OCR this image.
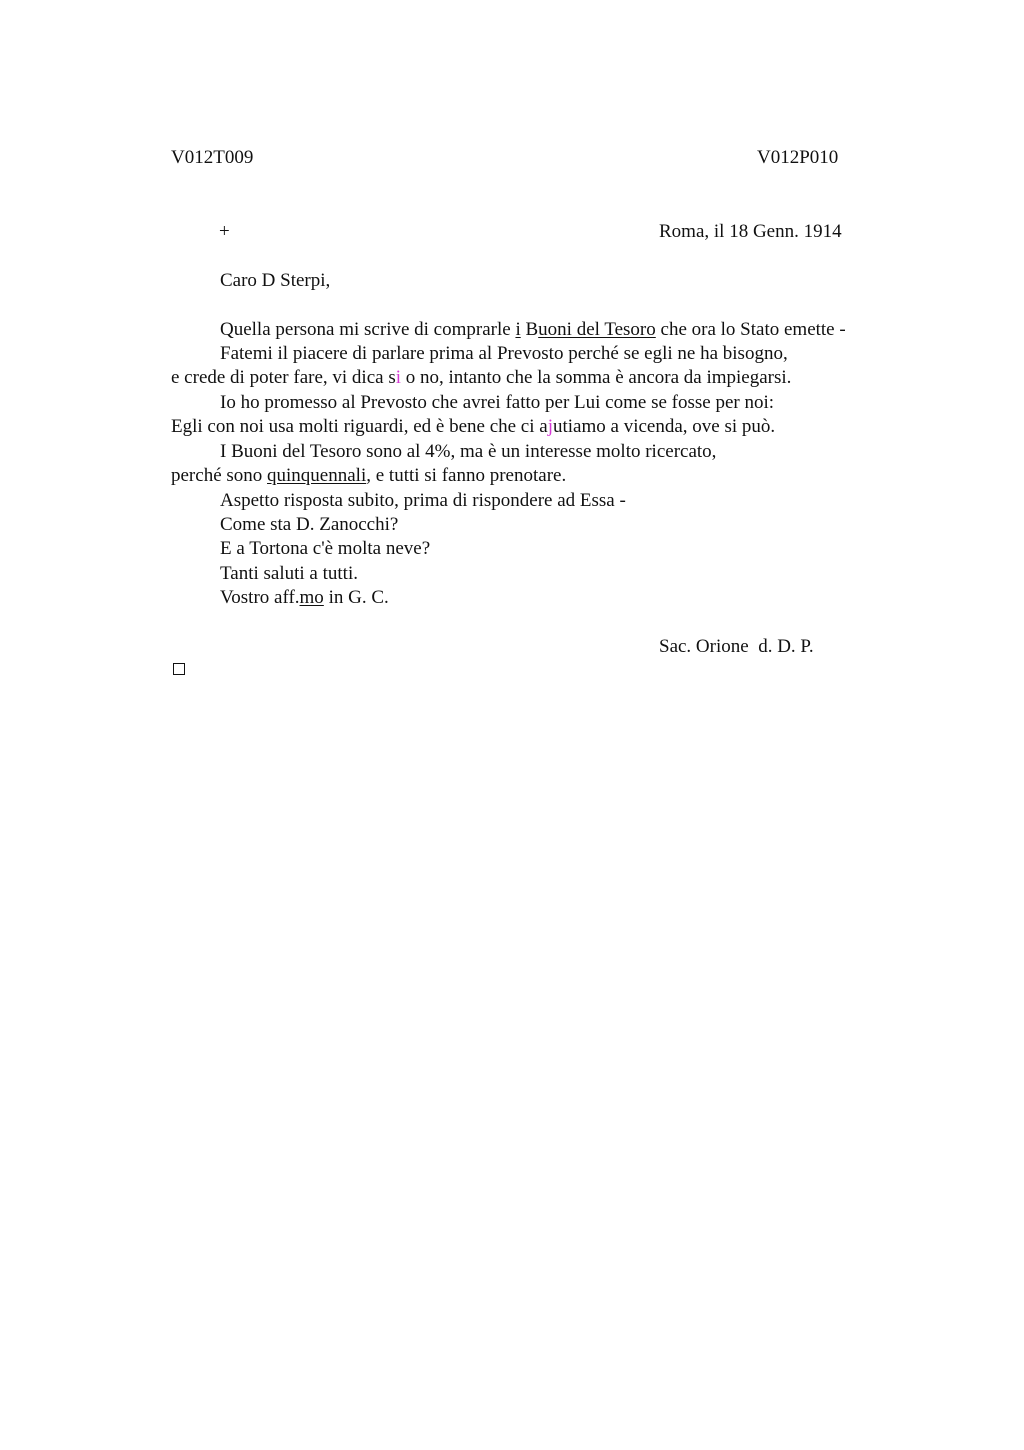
V012T009	V012P010
+	Roma, il 18 Genn. 1914
Caro D Sterpi,
Quella persona mi scrive di comprarle i Buoni del Tesoro che ora lo Stato emette -
Fatemi il piacere di parlare prima al Prevosto perché se egli ne ha bisogno,
e crede di poter fare, vi dica si o no, intanto che la somma è ancora da impiegarsi.
Io ho promesso al Prevosto che avrei fatto per Lui come se fosse per noi:
Egli con noi usa molti riguardi, ed è bene che ci ajutiamo a vicenda, ove si può.
I Buoni del Tesoro sono al 4%, ma è un interesse molto ricercato,
perché sono quinquennali, e tutti si fanno prenotare.
Aspetto risposta subito, prima di rispondere ad Essa -
Come sta D. Zanocchi?
E a Tortona c'è molta neve?
Tanti saluti a tutti.
Vostro aff.mo in G. C.
Sac. Orione  d. D. P.
